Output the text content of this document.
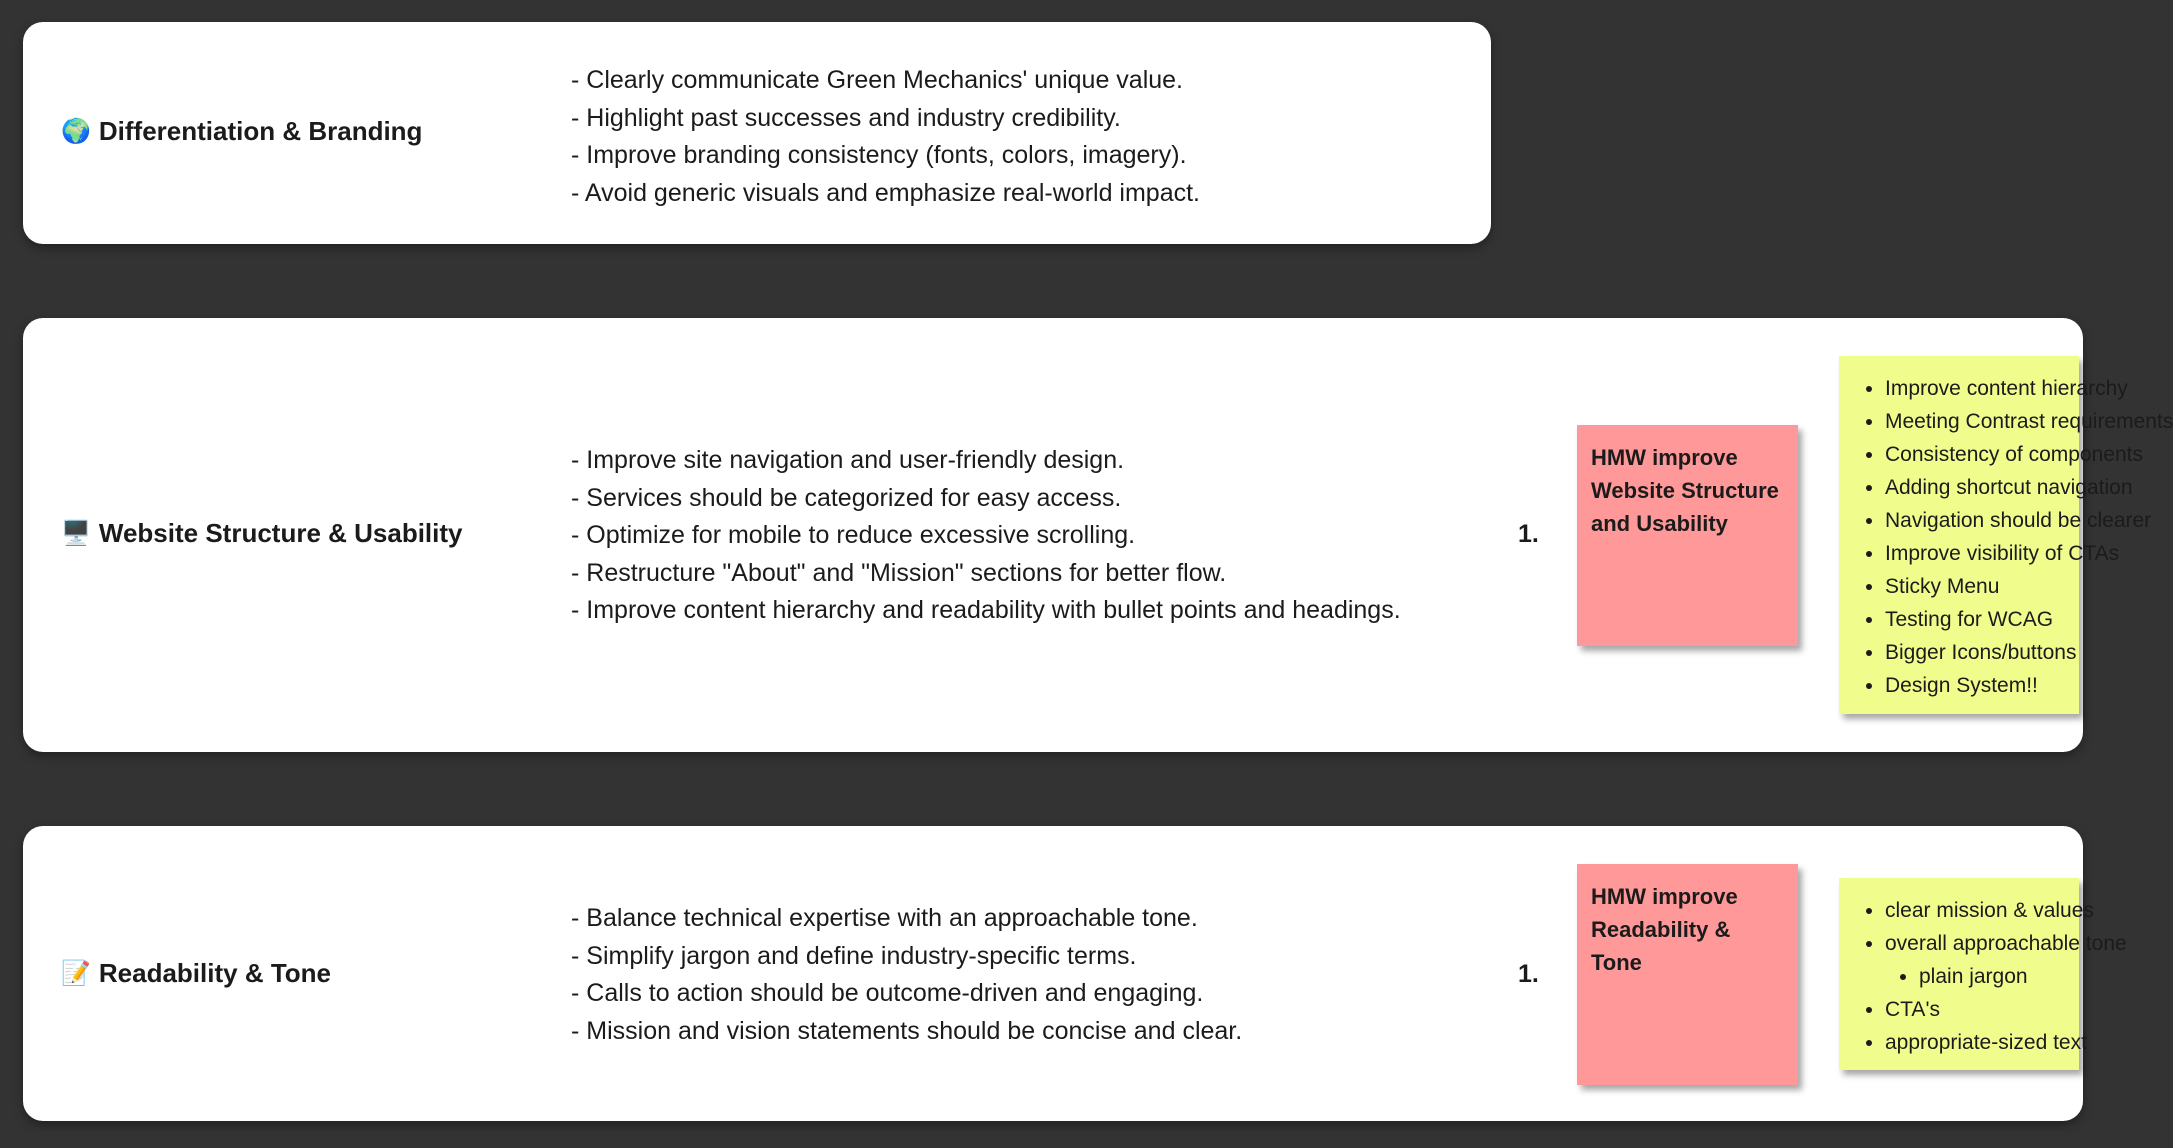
🌍 Differentiation & Branding
- Clearly communicate Green Mechanics' unique value.
- Highlight past successes and industry credibility.
- Improve branding consistency (fonts, colors, imagery).
- Avoid generic visuals and emphasize real-world impact.
🖥️ Website Structure & Usability
- Improve site navigation and user-friendly design.
- Services should be categorized for easy access.
- Optimize for mobile to reduce excessive scrolling.
- Restructure "About" and "Mission" sections for better flow.
- Improve content hierarchy and readability with bullet points and headings.
1.
HMW improve Website Structure and Usability
• Improve content hierarchy
• Meeting Contrast requirements
• Consistency of components
• Adding shortcut navigation
• Navigation should be clearer
• Improve visibility of CTAs
• Sticky Menu
• Testing for WCAG
• Bigger Icons/buttons
• Design System!!
📝 Readability & Tone
- Balance technical expertise with an approachable tone.
- Simplify jargon and define industry-specific terms.
- Calls to action should be outcome-driven and engaging.
- Mission and vision statements should be concise and clear.
1.
HMW improve Readability & Tone
• clear mission & values
• overall approachable tone
• plain jargon
• CTA's
• appropriate-sized text
